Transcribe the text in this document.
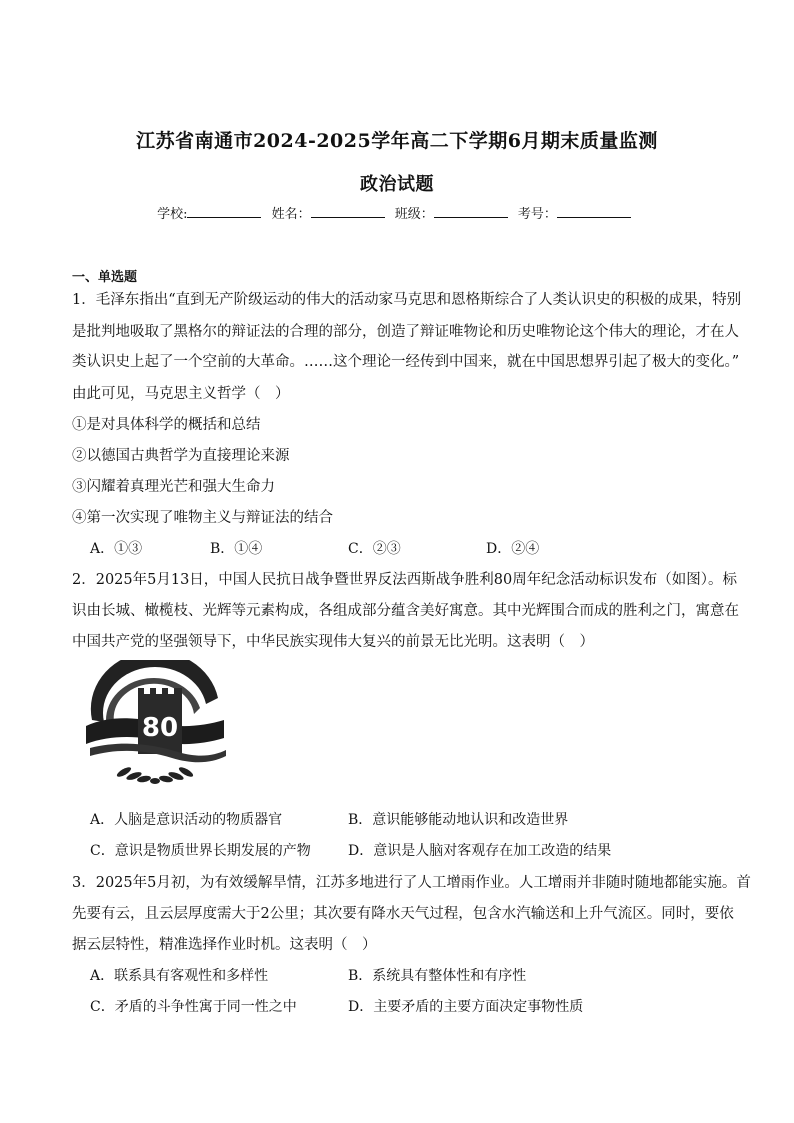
江苏省南通市2024-2025学年高二下学期6月期末质量监测
政治试题
学校:	姓名：	班级：	考号：
一、单选题
1．毛泽东指出“直到无产阶级运动的伟大的活动家马克思和恩格斯综合了人类认识史的积极的成果，特别
是批判地吸取了黑格尔的辩证法的合理的部分，创造了辩证唯物论和历史唯物论这个伟大的理论，才在人
类认识史上起了一个空前的大革命。……这个理论一经传到中国来，就在中国思想界引起了极大的变化。”
由此可见，马克思主义哲学（　）
①是对具体科学的概括和总结
②以德国古典哲学为直接理论来源
③闪耀着真理光芒和强大生命力
④第一次实现了唯物主义与辩证法的结合
A．①③	B．①④	C．②③	D．②④
2．2025年5月13日，中国人民抗日战争暨世界反法西斯战争胜利80周年纪念活动标识发布（如图）。标
识由长城、橄榄枝、光辉等元素构成，各组成部分蕴含美好寓意。其中光辉围合而成的胜利之门，寓意在
中国共产党的坚强领导下，中华民族实现伟大复兴的前景无比光明。这表明（　）
80
A．人脑是意识活动的物质器官	B．意识能够能动地认识和改造世界
C．意识是物质世界长期发展的产物	D．意识是人脑对客观存在加工改造的结果
3．2025年5月初，为有效缓解旱情，江苏多地进行了人工增雨作业。人工增雨并非随时随地都能实施。首
先要有云，且云层厚度需大于2公里；其次要有降水天气过程，包含水汽输送和上升气流区。同时，要依
据云层特性，精准选择作业时机。这表明（　）
A．联系具有客观性和多样性	B．系统具有整体性和有序性
C．矛盾的斗争性寓于同一性之中	D．主要矛盾的主要方面决定事物性质
